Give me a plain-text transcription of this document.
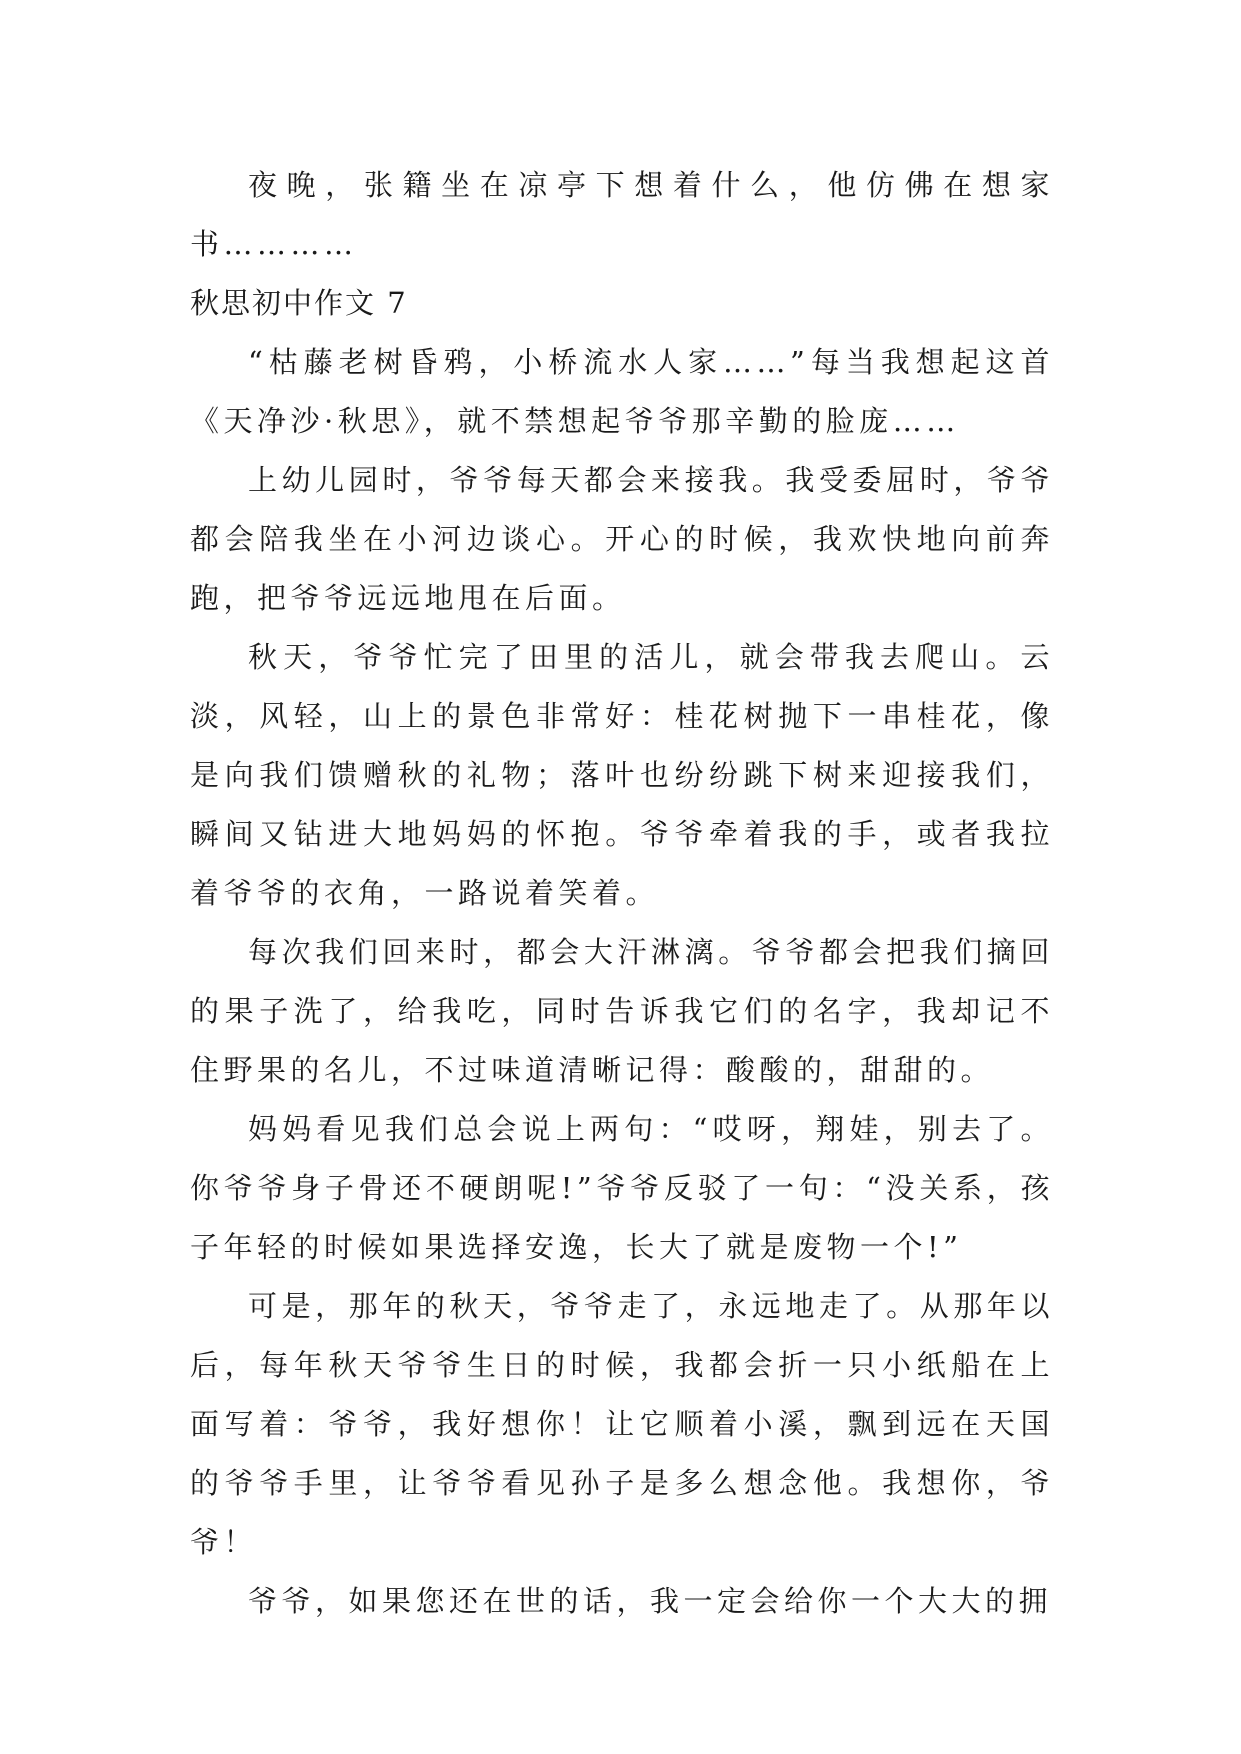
夜晚，张籍坐在凉亭下想着什么，他仿佛在想家书…………

秋思初中作文 7

“枯藤老树昏鸦，小桥流水人家……”每当我想起这首《天净沙·秋思》，就不禁想起爷爷那辛勤的脸庞……

上幼儿园时，爷爷每天都会来接我。我受委屈时，爷爷都会陪我坐在小河边谈心。开心的时候，我欢快地向前奔跑，把爷爷远远地甩在后面。

秋天，爷爷忙完了田里的活儿，就会带我去爬山。云淡，风轻，山上的景色非常好：桂花树抛下一串桂花，像是向我们馈赠秋的礼物；落叶也纷纷跳下树来迎接我们，瞬间又钻进大地妈妈的怀抱。爷爷牵着我的手，或者我拉着爷爷的衣角，一路说着笑着。

每次我们回来时，都会大汗淋漓。爷爷都会把我们摘回的果子洗了，给我吃，同时告诉我它们的名字，我却记不住野果的名儿，不过味道清晰记得：酸酸的，甜甜的。

妈妈看见我们总会说上两句：“哎呀，翔娃，别去了。你爷爷身子骨还不硬朗呢!”爷爷反驳了一句：“没关系，孩子年轻的时候如果选择安逸，长大了就是废物一个!”

可是，那年的秋天，爷爷走了，永远地走了。从那年以后，每年秋天爷爷生日的时候，我都会折一只小纸船在上面写着：爷爷，我好想你！让它顺着小溪，飘到远在天国的爷爷手里，让爷爷看见孙子是多么想念他。我想你，爷爷！

爷爷，如果您还在世的话，我一定会给你一个大大的拥
